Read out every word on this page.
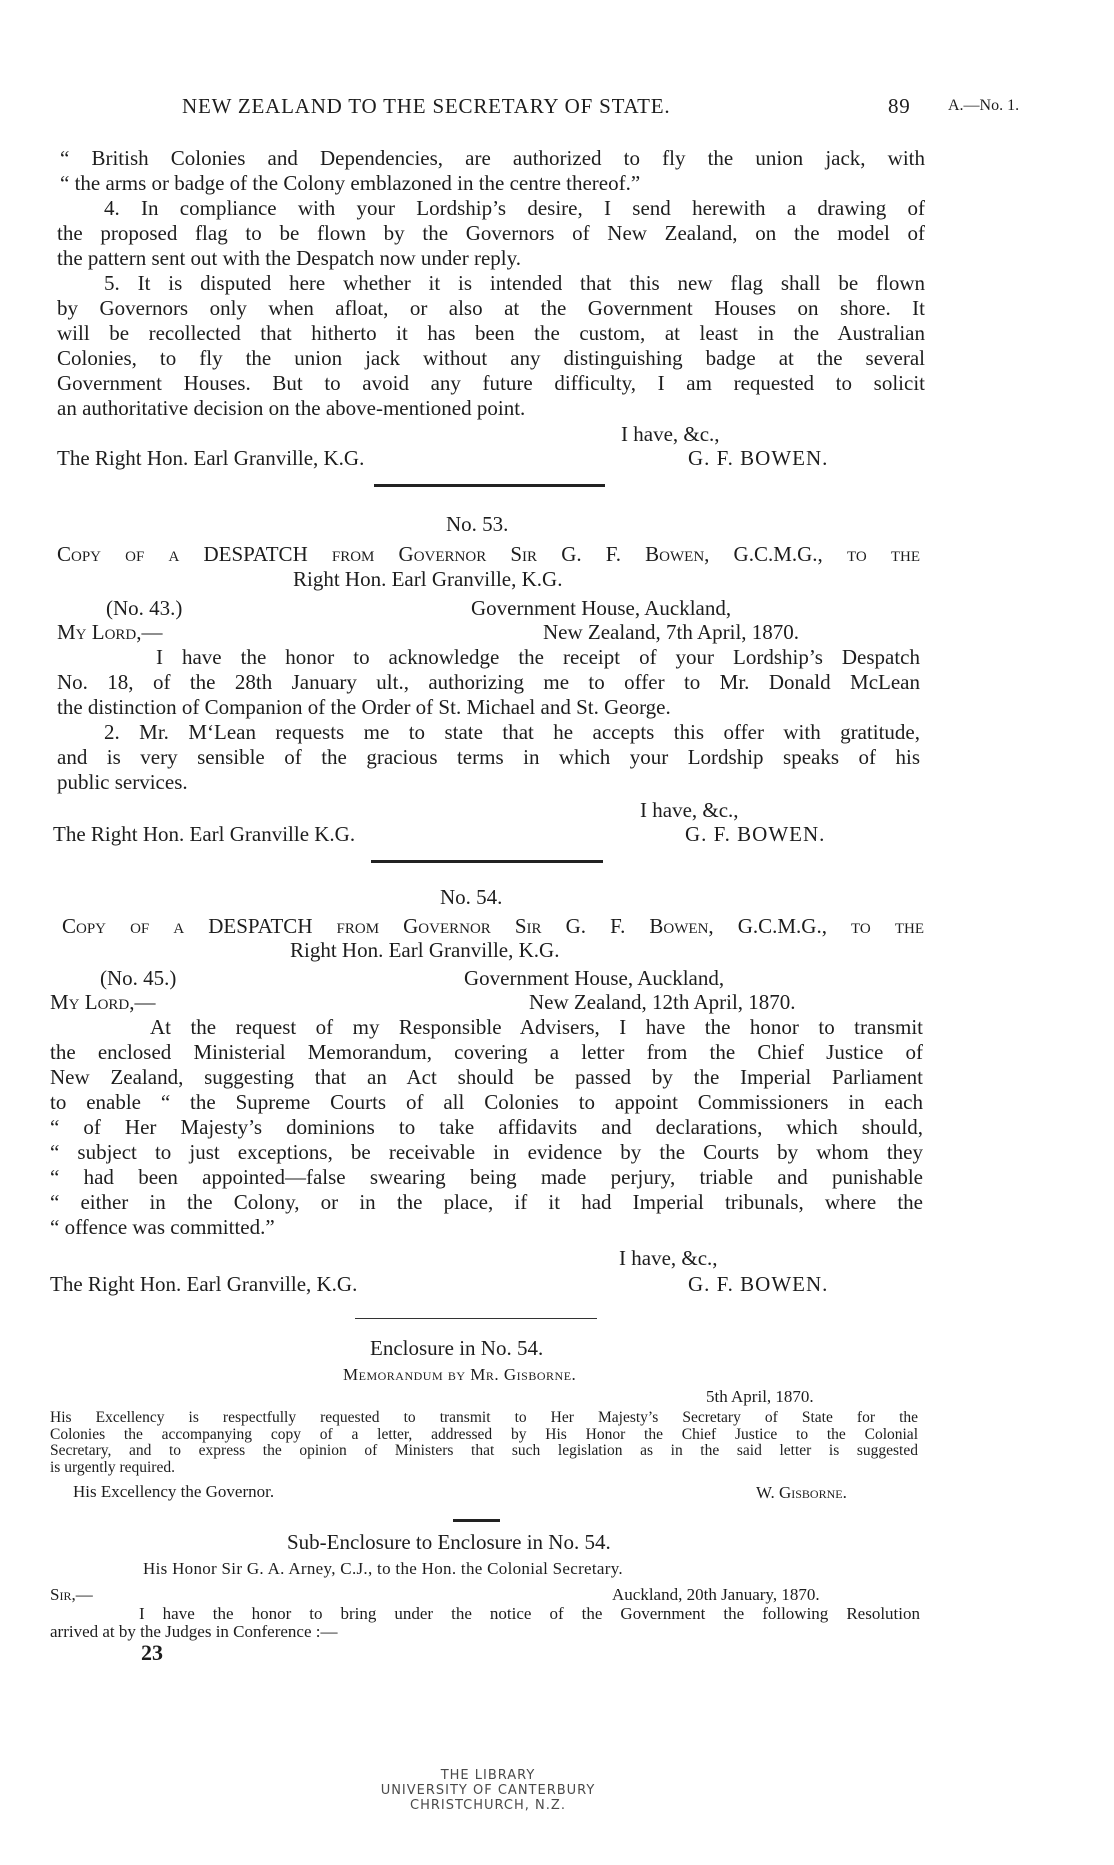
NEW ZEALAND TO THE SECRETARY OF STATE.	89 A.—No. 1.
“ British Colonies and Dependencies, are authorized to fly the union jack, with
“ the arms or badge of the Colony emblazoned in the centre thereof.”
4. In compliance with your Lordship’s desire, I send herewith a drawing of
the proposed flag to be flown by the Governors of New Zealand, on the model of
the pattern sent out with the Despatch now under reply.
5. It is disputed here whether it is intended that this new flag shall be flown
by Governors only when afloat, or also at the Government Houses on shore. It
will be recollected that hitherto it has been the custom, at least in the Australian
Colonies, to fly the union jack without any distinguishing badge at the several
Government Houses. But to avoid any future difficulty, I am requested to solicit
an authoritative decision on the above-mentioned point.
I have, &c.,
The Right Hon. Earl Granville, K.G.	G. F. BOWEN.
No. 53.
Copy of a DESPATCH from Governor Sir G. F. Bowen, G.C.M.G., to the
Right Hon. Earl Granville, K.G.
(No. 43.)	Government House, Auckland,
My Lord,—	New Zealand, 7th April, 1870.
I have the honor to acknowledge the receipt of your Lordship’s Despatch
No. 18, of the 28th January ult., authorizing me to offer to Mr. Donald McLean
the distinction of Companion of the Order of St. Michael and St. George.
2. Mr. M‘Lean requests me to state that he accepts this offer with gratitude,
and is very sensible of the gracious terms in which your Lordship speaks of his
public services.
I have, &c.,
The Right Hon. Earl Granville K.G.	G. F. BOWEN.
No. 54.
Copy of a DESPATCH from Governor Sir G. F. Bowen, G.C.M.G., to the
Right Hon. Earl Granville, K.G.
(No. 45.)	Government House, Auckland,
My Lord,—	New Zealand, 12th April, 1870.
At the request of my Responsible Advisers, I have the honor to transmit
the enclosed Ministerial Memorandum, covering a letter from the Chief Justice of
New Zealand, suggesting that an Act should be passed by the Imperial Parliament
to enable “ the Supreme Courts of all Colonies to appoint Commissioners in each
“ of Her Majesty’s dominions to take affidavits and declarations, which should,
“ subject to just exceptions, be receivable in evidence by the Courts by whom they
“ had been appointed—false swearing being made perjury, triable and punishable
“ either in the Colony, or in the place, if it had Imperial tribunals, where the
“ offence was committed.”
I have, &c.,
The Right Hon. Earl Granville, K.G.	G. F. BOWEN.
Enclosure in No. 54.
Memorandum by Mr. Gisborne.
5th April, 1870.
His Excellency is respectfully requested to transmit to Her Majesty’s Secretary of State for the
Colonies the accompanying copy of a letter, addressed by His Honor the Chief Justice to the Colonial
Secretary, and to express the opinion of Ministers that such legislation as in the said letter is suggested
is urgently required.
His Excellency the Governor.	W. Gisborne.
Sub-Enclosure to Enclosure in No. 54.
His Honor Sir G. A. Arney, C.J., to the Hon. the Colonial Secretary.
Sir,—	Auckland, 20th January, 1870.
I have the honor to bring under the notice of the Government the following Resolution
arrived at by the Judges in Conference :—
23
THE LIBRARY
UNIVERSITY OF CANTERBURY
CHRISTCHURCH, N.Z.
